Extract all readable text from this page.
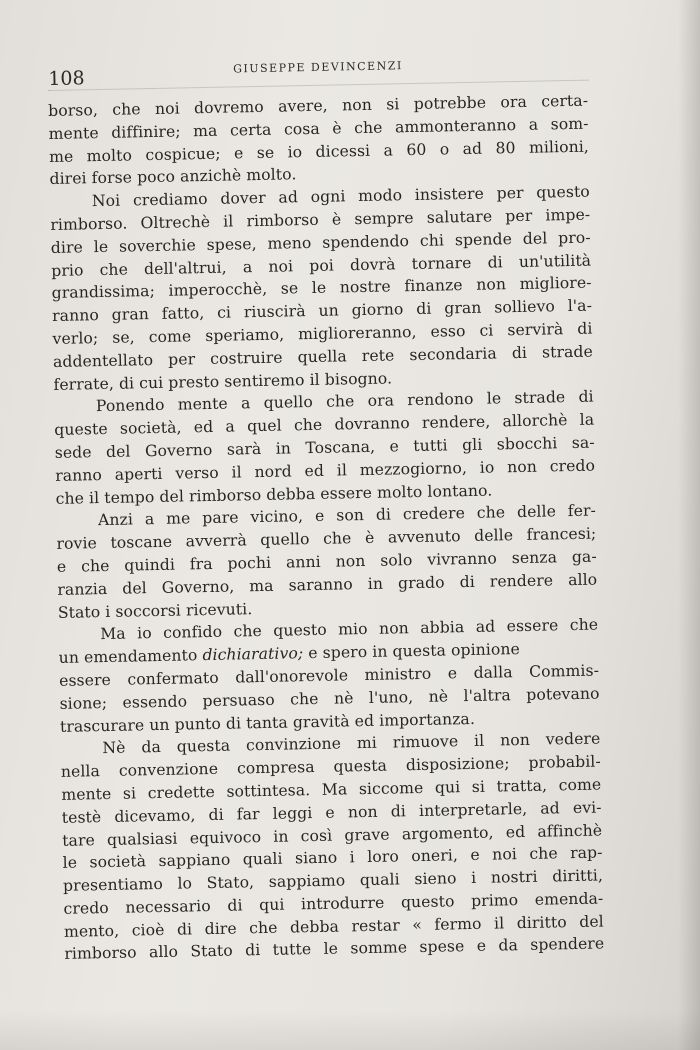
108	GIUSEPPE DEVINCENZI
borso, che noi dovremo avere, non si potrebbe ora certa-
mente diffinire; ma certa cosa è che ammonteranno a som-
me molto cospicue; e se io dicessi a 60 o ad 80 milioni,
direi forse poco anzichè molto.
Noi crediamo dover ad ogni modo insistere per questo
rimborso. Oltrechè il rimborso è sempre salutare per impe-
dire le soverchie spese, meno spendendo chi spende del pro-
prio che dell'altrui, a noi poi dovrà tornare di un'utilità
grandissima; imperocchè, se le nostre finanze non migliore-
ranno gran fatto, ci riuscirà un giorno di gran sollievo l'a-
verlo; se, come speriamo, miglioreranno, esso ci servirà di
addentellato per costruire quella rete secondaria di strade
ferrate, di cui presto sentiremo il bisogno.
Ponendo mente a quello che ora rendono le strade di
queste società, ed a quel che dovranno rendere, allorchè la
sede del Governo sarà in Toscana, e tutti gli sbocchi sa-
ranno aperti verso il nord ed il mezzogiorno, io non credo
che il tempo del rimborso debba essere molto lontano.
Anzi a me pare vicino, e son di credere che delle fer-
rovie toscane avverrà quello che è avvenuto delle francesi;
e che quindi fra pochi anni non solo vivranno senza ga-
ranzia del Governo, ma saranno in grado di rendere allo
Stato i soccorsi ricevuti.
Ma io confido che questo mio non abbia ad essere che
un emendamento dichiarativo; e spero in questa opinione
essere confermato dall'onorevole ministro e dalla Commis-
sione; essendo persuaso che nè l'uno, nè l'altra potevano
trascurare un punto di tanta gravità ed importanza.
Nè da questa convinzione mi rimuove il non vedere
nella convenzione compresa questa disposizione; probabil-
mente si credette sottintesa. Ma siccome qui si tratta, come
testè dicevamo, di far leggi e non di interpretarle, ad evi-
tare qualsiasi equivoco in così grave argomento, ed affinchè
le società sappiano quali siano i loro oneri, e noi che rap-
presentiamo lo Stato, sappiamo quali sieno i nostri diritti,
credo necessario di qui introdurre questo primo emenda-
mento, cioè di dire che debba restar « fermo il diritto del
rimborso allo Stato di tutte le somme spese e da spendere
